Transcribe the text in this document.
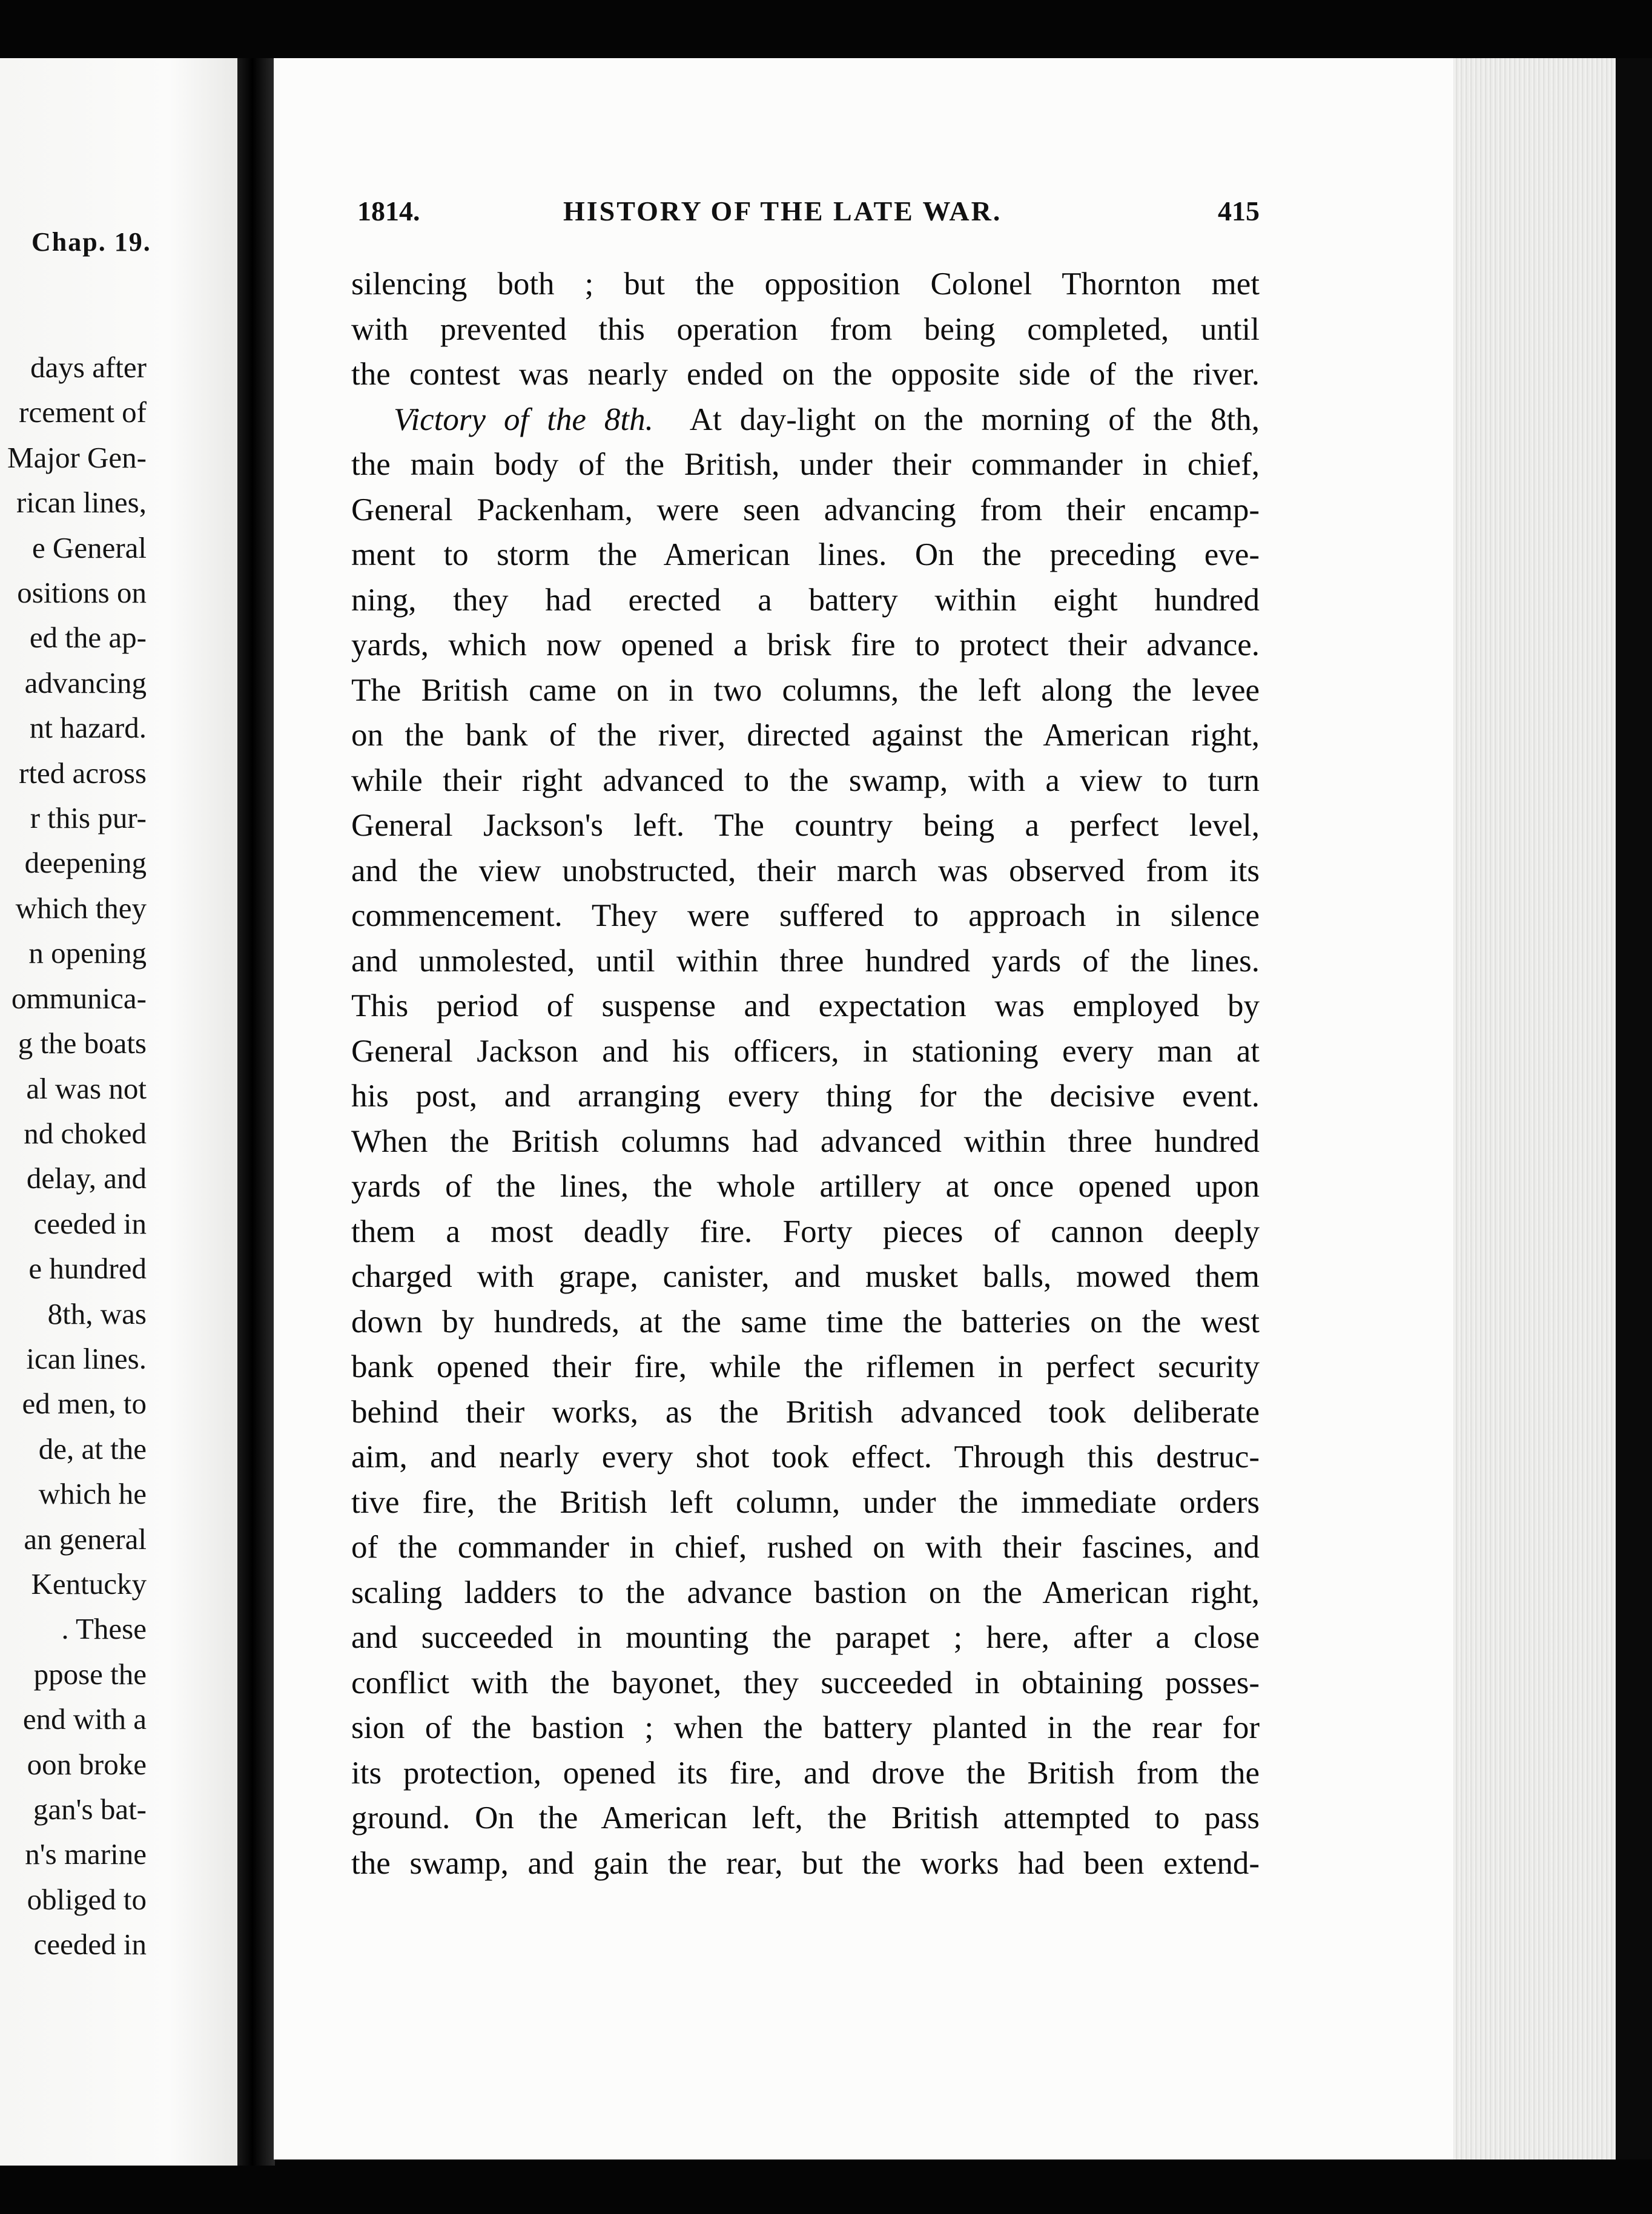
Chap. 19.
days after
rcement of
Major Gen-
rican lines,
e General
ositions on
ed the ap-
advancing
nt hazard.
rted across
r this pur-
deepening
which they
n opening
ommunica-
g the boats
al was not
nd choked
delay, and
ceeded in
e hundred
8th, was
ican lines.
ed men, to
de, at the
which he
an general
Kentucky
. These
ppose the
end with a
oon broke
gan's bat-
n's marine
obliged to
ceeded in
1814.	HISTORY OF THE LATE WAR.	415
silencing both ; but the opposition Colonel Thornton met
with prevented this operation from being completed, until
the contest was nearly ended on the opposite side of the river.
Victory of the 8th. At day-light on the morning of the 8th,
the main body of the British, under their commander in chief,
General Packenham, were seen advancing from their encamp-
ment to storm the American lines. On the preceding eve-
ning, they had erected a battery within eight hundred
yards, which now opened a brisk fire to protect their advance.
The British came on in two columns, the left along the levee
on the bank of the river, directed against the American right,
while their right advanced to the swamp, with a view to turn
General Jackson's left. The country being a perfect level,
and the view unobstructed, their march was observed from its
commencement. They were suffered to approach in silence
and unmolested, until within three hundred yards of the lines.
This period of suspense and expectation was employed by
General Jackson and his officers, in stationing every man at
his post, and arranging every thing for the decisive event.
When the British columns had advanced within three hundred
yards of the lines, the whole artillery at once opened upon
them a most deadly fire. Forty pieces of cannon deeply
charged with grape, canister, and musket balls, mowed them
down by hundreds, at the same time the batteries on the west
bank opened their fire, while the riflemen in perfect security
behind their works, as the British advanced took deliberate
aim, and nearly every shot took effect. Through this destruc-
tive fire, the British left column, under the immediate orders
of the commander in chief, rushed on with their fascines, and
scaling ladders to the advance bastion on the American right,
and succeeded in mounting the parapet ; here, after a close
conflict with the bayonet, they succeeded in obtaining posses-
sion of the bastion ; when the battery planted in the rear for
its protection, opened its fire, and drove the British from the
ground. On the American left, the British attempted to pass
the swamp, and gain the rear, but the works had been extend-
